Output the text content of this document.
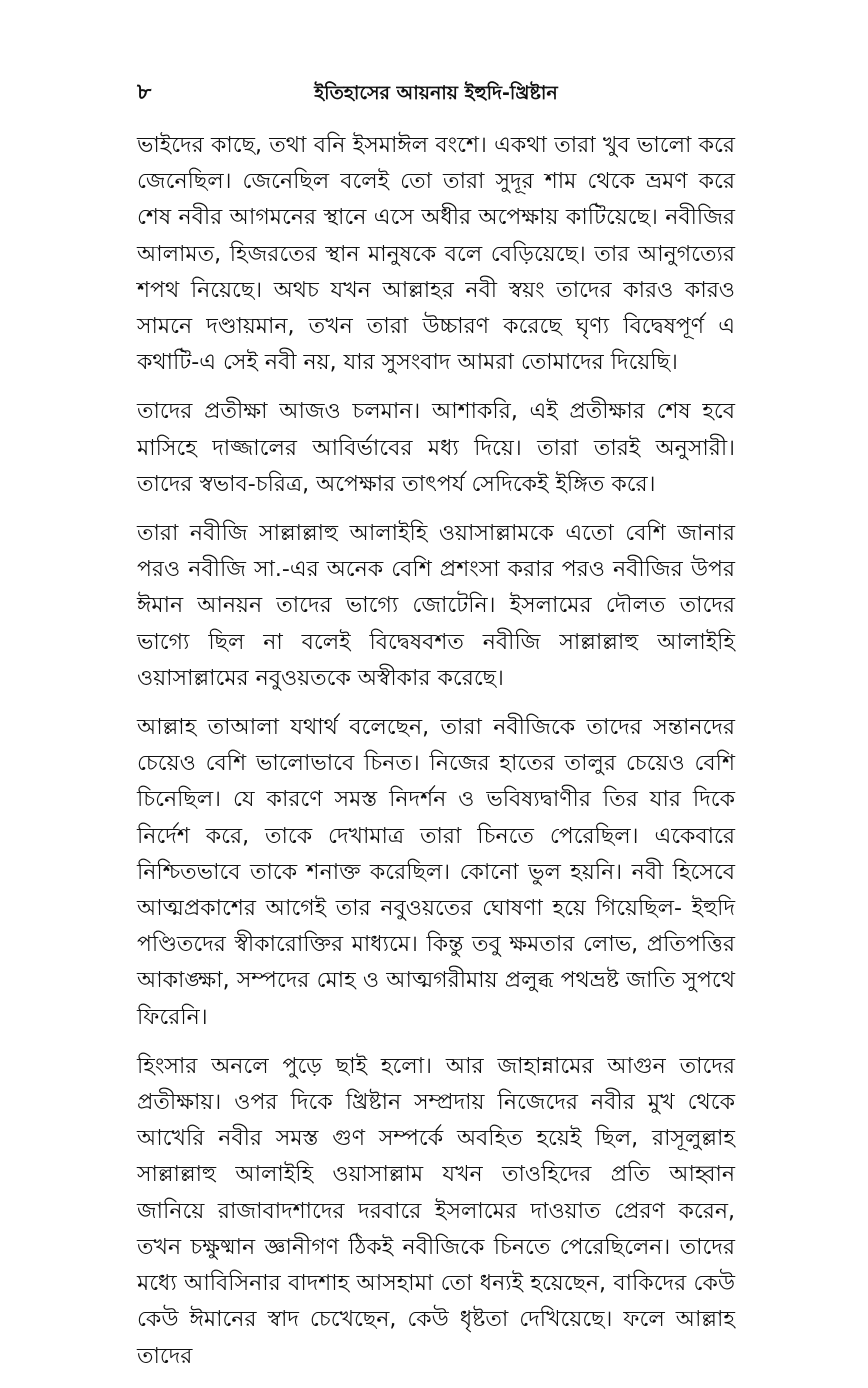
৮	ইতিহাসের আয়নায় ইহুদি-খ্রিষ্টান

ভাইদের কাছে, তথা বনি ইসমাঈল বংশে। একথা তারা খুব ভালো করে জেনেছিল। জেনেছিল বলেই তো তারা সুদূর শাম থেকে ভ্রমণ করে শেষ নবীর আগমনের স্থানে এসে অধীর অপেক্ষায় কাটিয়েছে। নবীজির আলামত, হিজরতের স্থান মানুষকে বলে বেড়িয়েছে। তার আনুগত্যের শপথ নিয়েছে। অথচ যখন আল্লাহর নবী স্বয়ং তাদের কারও কারও সামনে দণ্ডায়মান, তখন তারা উচ্চারণ করেছে ঘৃণ্য বিদ্বেষপূর্ণ এ কথাটি-এ সেই নবী নয়, যার সুসংবাদ আমরা তোমাদের দিয়েছি।

তাদের প্রতীক্ষা আজও চলমান। আশাকরি, এই প্রতীক্ষার শেষ হবে মাসিহে দাজ্জালের আবির্ভাবের মধ্য দিয়ে। তারা তারই অনুসারী। তাদের স্বভাব-চরিত্র, অপেক্ষার তাৎপর্য সেদিকেই ইঙ্গিত করে।

তারা নবীজি সাল্লাল্লাহু আলাইহি ওয়াসাল্লামকে এতো বেশি জানার পরও নবীজি সা.-এর অনেক বেশি প্রশংসা করার পরও নবীজির উপর ঈমান আনয়ন তাদের ভাগ্যে জোটেনি। ইসলামের দৌলত তাদের ভাগ্যে ছিল না বলেই বিদ্বেষবশত নবীজি সাল্লাল্লাহু আলাইহি ওয়াসাল্লামের নবুওয়তকে অস্বীকার করেছে।

আল্লাহ তাআলা যথার্থ বলেছেন, তারা নবীজিকে তাদের সন্তানদের চেয়েও বেশি ভালোভাবে চিনত। নিজের হাতের তালুর চেয়েও বেশি চিনেছিল। যে কারণে সমস্ত নিদর্শন ও ভবিষ্যদ্বাণীর তির যার দিকে নির্দেশ করে, তাকে দেখামাত্র তারা চিনতে পেরেছিল। একেবারে নিশ্চিতভাবে তাকে শনাক্ত করেছিল। কোনো ভুল হয়নি। নবী হিসেবে আত্মপ্রকাশের আগেই তার নবুওয়তের ঘোষণা হয়ে গিয়েছিল- ইহুদি পণ্ডিতদের স্বীকারোক্তির মাধ্যমে। কিন্তু তবু ক্ষমতার লোভ, প্রতিপত্তির আকাঙ্ক্ষা, সম্পদের মোহ ও আত্মগরীমায় প্রলুব্ধ পথভ্রষ্ট জাতি সুপথে ফিরেনি।

হিংসার অনলে পুড়ে ছাই হলো। আর জাহান্নামের আগুন তাদের প্রতীক্ষায়। ওপর দিকে খ্রিষ্টান সম্প্রদায় নিজেদের নবীর মুখ থেকে আখেরি নবীর সমস্ত গুণ সম্পর্কে অবহিত হয়েই ছিল, রাসূলুল্লাহ সাল্লাল্লাহু আলাইহি ওয়াসাল্লাম যখন তাওহিদের প্রতি আহ্বান জানিয়ে রাজাবাদশাদের দরবারে ইসলামের দাওয়াত প্রেরণ করেন, তখন চক্ষুষ্মান জ্ঞানীগণ ঠিকই নবীজিকে চিনতে পেরেছিলেন। তাদের মধ্যে আবিসিনার বাদশাহ আসহামা তো ধন্যই হয়েছেন, বাকিদের কেউ কেউ ঈমানের স্বাদ চেখেছেন, কেউ ধৃষ্টতা দেখিয়েছে। ফলে আল্লাহ তাদের
